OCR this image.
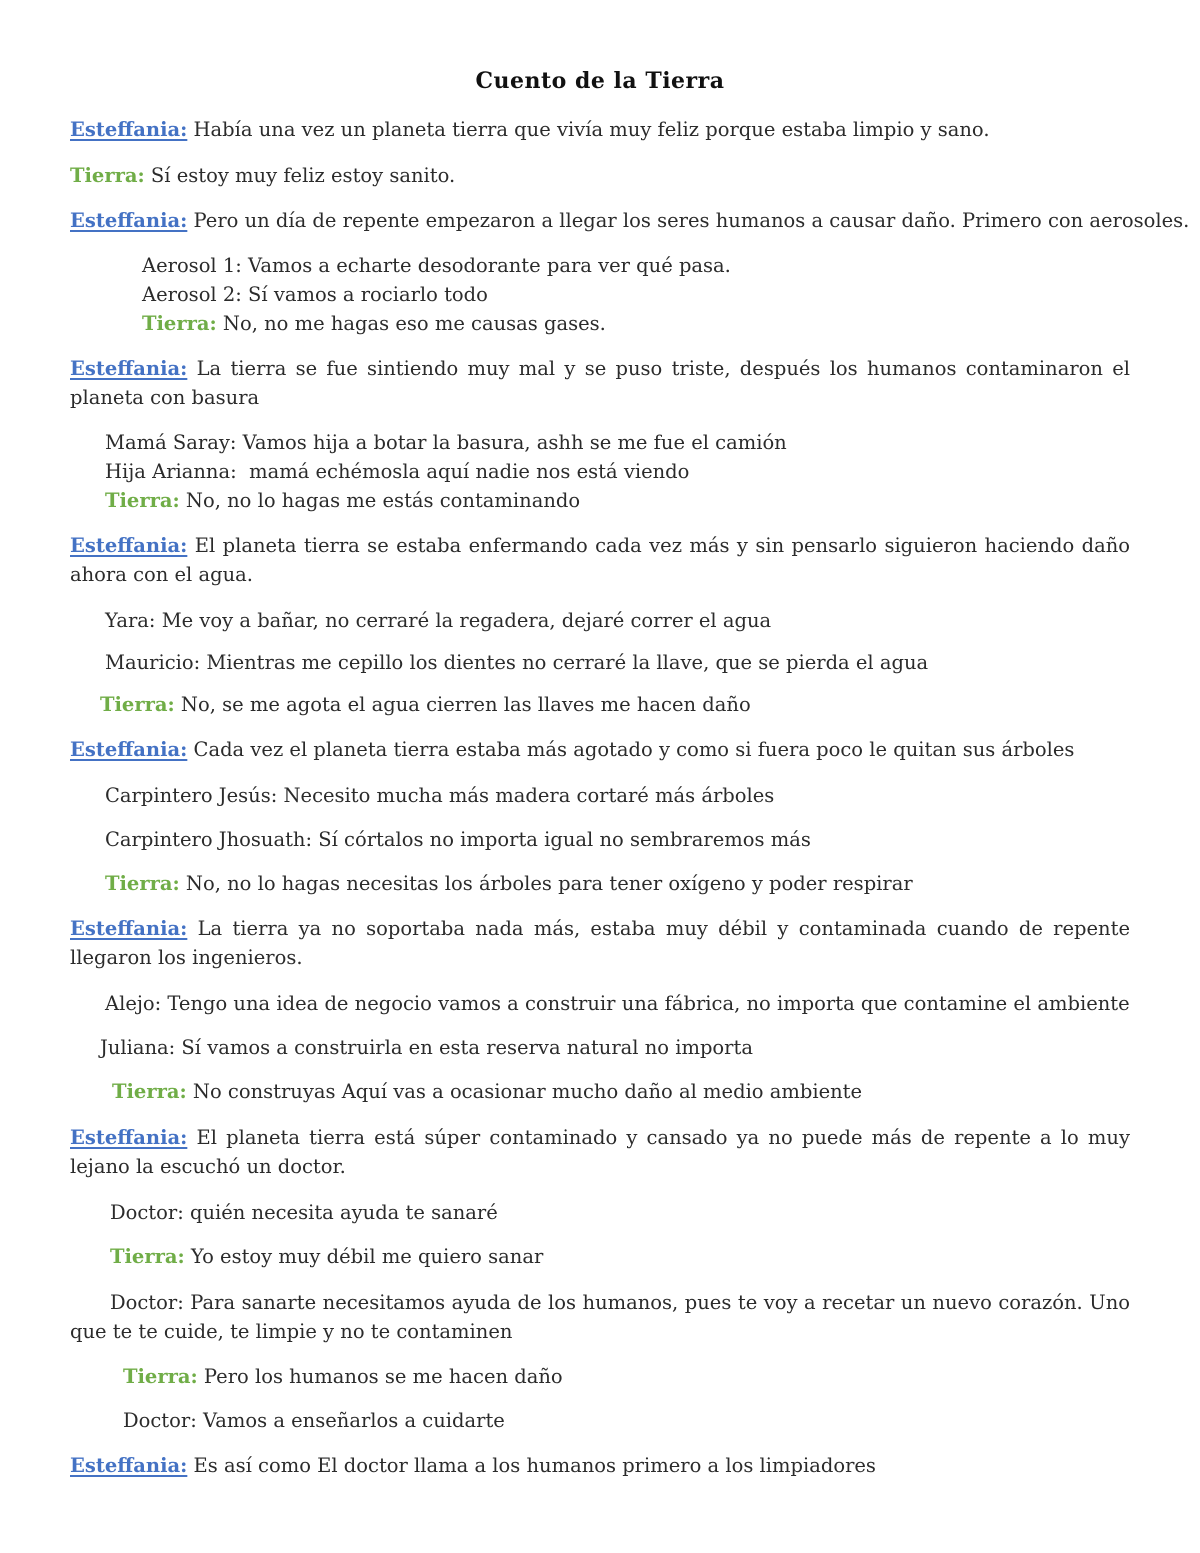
Cuento de la Tierra
Esteffania: Había una vez un planeta tierra que vivía muy feliz porque estaba limpio y sano.
Tierra: Sí estoy muy feliz estoy sanito.
Esteffania: Pero un día de repente empezaron a llegar los seres humanos a causar daño. Primero con aerosoles.
Aerosol 1: Vamos a echarte desodorante para ver qué pasa.
Aerosol 2: Sí vamos a rociarlo todo
Tierra: No, no me hagas eso me causas gases.
Esteffania: La tierra se fue sintiendo muy mal y se puso triste, después los humanos contaminaron el planeta con basura
Mamá Saray: Vamos hija a botar la basura, ashh se me fue el camión
Hija Arianna:  mamá echémosla aquí nadie nos está viendo
Tierra: No, no lo hagas me estás contaminando
Esteffania: El planeta tierra se estaba enfermando cada vez más y sin pensarlo siguieron haciendo daño ahora con el agua.
Yara: Me voy a bañar, no cerraré la regadera, dejaré correr el agua
Mauricio: Mientras me cepillo los dientes no cerraré la llave, que se pierda el agua
Tierra: No, se me agota el agua cierren las llaves me hacen daño
Esteffania: Cada vez el planeta tierra estaba más agotado y como si fuera poco le quitan sus árboles
Carpintero Jesús: Necesito mucha más madera cortaré más árboles
Carpintero Jhosuath: Sí córtalos no importa igual no sembraremos más
Tierra: No, no lo hagas necesitas los árboles para tener oxígeno y poder respirar
Esteffania: La tierra ya no soportaba nada más, estaba muy débil y contaminada cuando de repente llegaron los ingenieros.
Alejo: Tengo una idea de negocio vamos a construir una fábrica, no importa que contamine el ambiente
Juliana: Sí vamos a construirla en esta reserva natural no importa
Tierra: No construyas Aquí vas a ocasionar mucho daño al medio ambiente
Esteffania: El planeta tierra está súper contaminado y cansado ya no puede más de repente a lo muy lejano la escuchó un doctor.
Doctor: quién necesita ayuda te sanaré
Tierra: Yo estoy muy débil me quiero sanar
Doctor: Para sanarte necesitamos ayuda de los humanos, pues te voy a recetar un nuevo corazón. Uno que te te cuide, te limpie y no te contaminen
Tierra: Pero los humanos se me hacen daño
Doctor: Vamos a enseñarlos a cuidarte
Esteffania: Es así como El doctor llama a los humanos primero a los limpiadores
